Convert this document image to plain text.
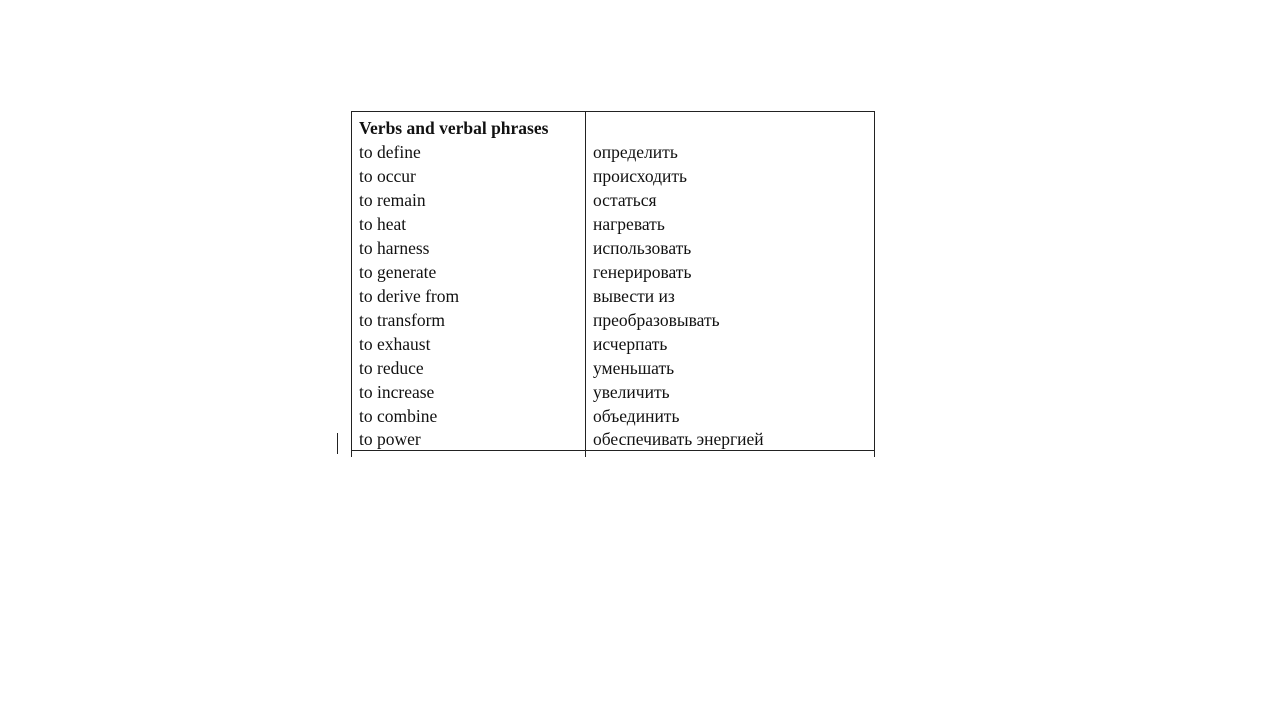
Verbs and verbal phrases	
to define	определить
to occur	происходить
to remain	остаться
to heat	нагревать
to harness	использовать
to generate	генерировать
to derive from	вывести из
to transform	преобразовывать
to exhaust	исчерпать
to reduce	уменьшать
to increase	увеличить
to combine	объединить
to power	обеспечивать энергией
